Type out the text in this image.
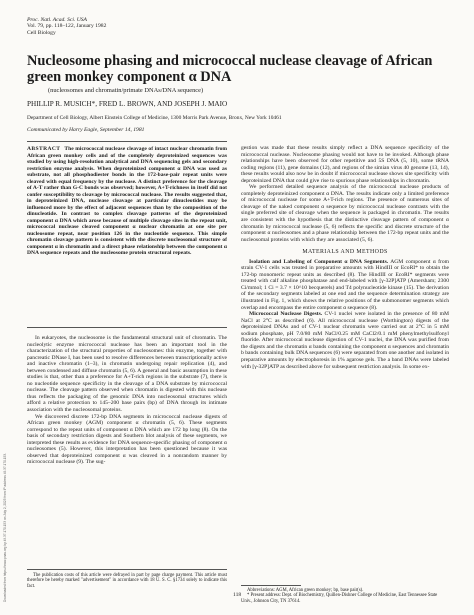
Downloaded from https://www.pnas.org by 49.37.170.153 on July 2, 2025 from IP address 49.37.170.153.
Proc. Natl. Acad. Sci. USA
Vol. 79, pp. 118–122, January 1982
Cell Biology
Nucleosome phasing and micrococcal nuclease cleavage of African green monkey component α DNA
(nucleosomes and chromatin/primate DNAs/DNA sequence)
PHILLIP R. MUSICH*, FRED L. BROWN, AND JOSEPH J. MAIO
Department of Cell Biology, Albert Einstein College of Medicine, 1300 Morris Park Avenue, Bronx, New York 10461
Communicated by Harry Eagle, September 14, 1981

ABSTRACT The micrococcal nuclease cleavage of intact nuclear chromatin from African green monkey cells and of the completely deproteinized sequences was studied by using high-resolution analytical and DNA sequencing gels and secondary restriction enzyme analysis. When deproteinized component α DNA was used as substrate, not all phosphodiester bonds in the 172-base-pair repeat units were cleaved with equal frequency by the nuclease. A distinct preference for the cleavage of A-T rather than G-C bonds was observed; however, A+T-richness in itself did not confer susceptibility to cleavage by micrococcal nuclease. The results suggested that, in deproteinized DNA, nuclease cleavage at particular dinucleotides may be influenced more by the effect of adjacent sequences than by the composition of the dinucleotide. In contrast to complex cleavage patterns of the deproteinized component α DNA which arose because of multiple cleavage sites in the repeat unit, micrococcal nuclease cleaved component α nuclear chromatin at one site per nucleosome repeat, near position 126 in the nucleotide sequence. This simple chromatin cleavage pattern is consistent with the discrete nucleosomal structure of component α in chromatin and a direct phase relationship between the component α DNA sequence repeats and the nucleosome protein structural repeats.

In eukaryotes, the nucleosome is the fundamental structural unit of chromatin. The nucleolytic enzyme micrococcal nuclease has been an important tool in the characterization of the structural properties of nucleosomes: this enzyme, together with pancreatic DNase I, has been used to resolve differences between transcriptionally active and inactive chromatin (1–3), in chromatin undergoing repair replication (4), and between condensed and diffuse chromatin (5, 6). A general and basic assumption in these studies is that, other than a preference for A+T-rich regions in the substrate (7), there is no nucleotide sequence specificity in the cleavage of a DNA substrate by micrococcal nuclease. The cleavage pattern observed when chromatin is digested with this nuclease thus reflects the packaging of the genomic DNA into nucleosomal structures which afford a relative protection to 145–200 base pairs (bp) of DNA through its intimate association with the nucleosomal proteins.

We discovered discrete 172-bp DNA segments in micrococcal nuclease digests of African green monkey (AGM) component α chromatin (5, 6). These segments correspond to the repeat units of component α DNA which are 172 bp long (8). On the basis of secondary restriction digests and Southern blot analysis of these segments, we interpreted these results as evidence for DNA sequence-specific phasing of component α nucleosomes (5). However, this interpretation has been questioned because it was observed that deproteinized component α was cleaved in a nonrandom manner by micrococcal nuclease (9). The sug-

gestion was made that these results simply reflect a DNA sequence specificity of the micrococcal nuclease. Nucleosome phasing would not have to be invoked. Although phase relationships have been observed for other repetitive and 5S DNA (5, 10), some tRNA coding regions (11), gene domains (12), and regions of the simian virus 40 genome (13, 14), these results would also now be in doubt if micrococcal nuclease shows site specificity with deproteinized DNA that could give rise to spurious phase relationships in chromatin.

We performed detailed sequence analysis of the micrococcal nuclease products of completely deproteinized component α DNA. The results indicate only a limited preference of micrococcal nuclease for some A+T-rich regions. The presence of numerous sites of cleavage of the naked component α sequence by micrococcal nuclease contrasts with the single preferred site of cleavage when the sequence is packaged in chromatin. The results are consistent with the hypothesis that the distinctive cleavage pattern of component α chromatin by micrococcal nuclease (5, 6) reflects the specific and discrete structure of the component α nucleosomes and a phase relationship between the 172-bp repeat units and the nucleosomal proteins with which they are associated (5, 6).

MATERIALS AND METHODS

Isolation and Labeling of Component α DNA Segments. AGM component α from strain CV-1 cells was treated in preparative amounts with HindIII or EcoRI* to obtain the 172-bp monomeric repeat units as described (8). The HindIII or EcoRI* segments were treated with calf alkaline phosphatase and end-labeled with [γ-32P]ATP (Amersham; 2300 Ci/mmol; 1 Ci = 3.7 × 10^10 becquerels) and T4 polynucleotide kinase (15). The derivation of the secondary segments labeled at one end and the sequence determination strategy are illustrated in Fig. 1, which shows the relative positions of the submonomer segments which overlap and encompass the entire component α sequence (8).

Micrococcal Nuclease Digests. CV-1 nuclei were isolated in the presence of 80 mM NaCl at 2°C as described (6). All micrococcal nuclease (Worthington) digests of the deproteinized DNAs and of CV-1 nuclear chromatin were carried out at 2°C in 5 mM sodium phosphate, pH 7.0/80 mM NaCl/0.25 mM CaCl2/0.1 mM phenylmethylsulfonyl fluoride. After micrococcal nuclease digestion of CV-1 nuclei, the DNA was purified from the digests and the chromatin α bands containing the component α sequences and chromatin b bands containing bulk DNA sequences (6) were separated from one another and isolated in preparative amounts by electrophoresis in 1% agarose gels. The a band DNAs were labeled with [γ-32P]ATP as described above for subsequent restriction analysis. In some ex-

The publication costs of this article were defrayed in part by page charge payment. This article must therefore be hereby marked "advertisement" in accordance with 18 U. S. C. §1734 solely to indicate this fact.

Abbreviations: AGM, African green monkey; bp, base pair(s).

* Present address: Dept. of Biochemistry, Quillen-Dishner College of Medicine, East Tennessee State Univ., Johnson City, TN 37614.

118
